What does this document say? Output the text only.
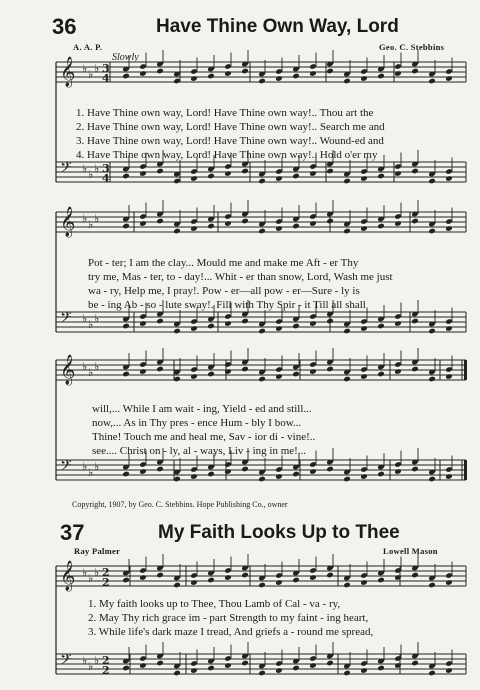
36	Have Thine Own Way, Lord
A. A. P.	Geo. C. Stebbins
Slowly
𝄞 ♭ ♭ ♭ 3
4
𝄢 ♭ ♭ ♭ 3
4
𝄞 ♭ ♭ ♭
𝄢 ♭ ♭ ♭
𝄞 ♭ ♭ ♭
𝄢 ♭ ♭ ♭
𝄞 ♭ ♭ ♭ 2
2
𝄢 ♭ ♭ ♭ 2
2
1. Have Thine own way, Lord! Have Thine own way!.. Thou art the
2. Have Thine own way, Lord! Have Thine own way!.. Search me and
3. Have Thine own way, Lord! Have Thine own way!.. Wound-ed and
4. Have Thine own way, Lord! Have Thine own way!.. Hold o'er my
Pot - ter; I am the clay... Mould me and make me Aft - er Thy
try me, Mas - ter, to - day!... Whit - er than snow, Lord, Wash me just
wa - ry, Help me, I pray!. Pow - er—all pow - er—Sure - ly is
be - ing Ab - so - lute sway!. Fill with Thy Spir - it Till all shall
will,... While I am wait - ing, Yield - ed and still...
now,... As in Thy pres - ence Hum - bly I bow...
Thine! Touch me and heal me, Sav - ior di - vine!..
see.... Christ on - ly, al - ways, Liv - ing in me!...
Copyright, 1907, by Geo. C. Stebbins. Hope Publishing Co., owner
37	My Faith Looks Up to Thee
Ray Palmer	Lowell Mason
1. My faith looks up to Thee, Thou Lamb of Cal - va - ry,
2. May Thy rich grace im - part Strength to my faint - ing heart,
3. While life's dark maze I tread, And griefs a - round me spread,
